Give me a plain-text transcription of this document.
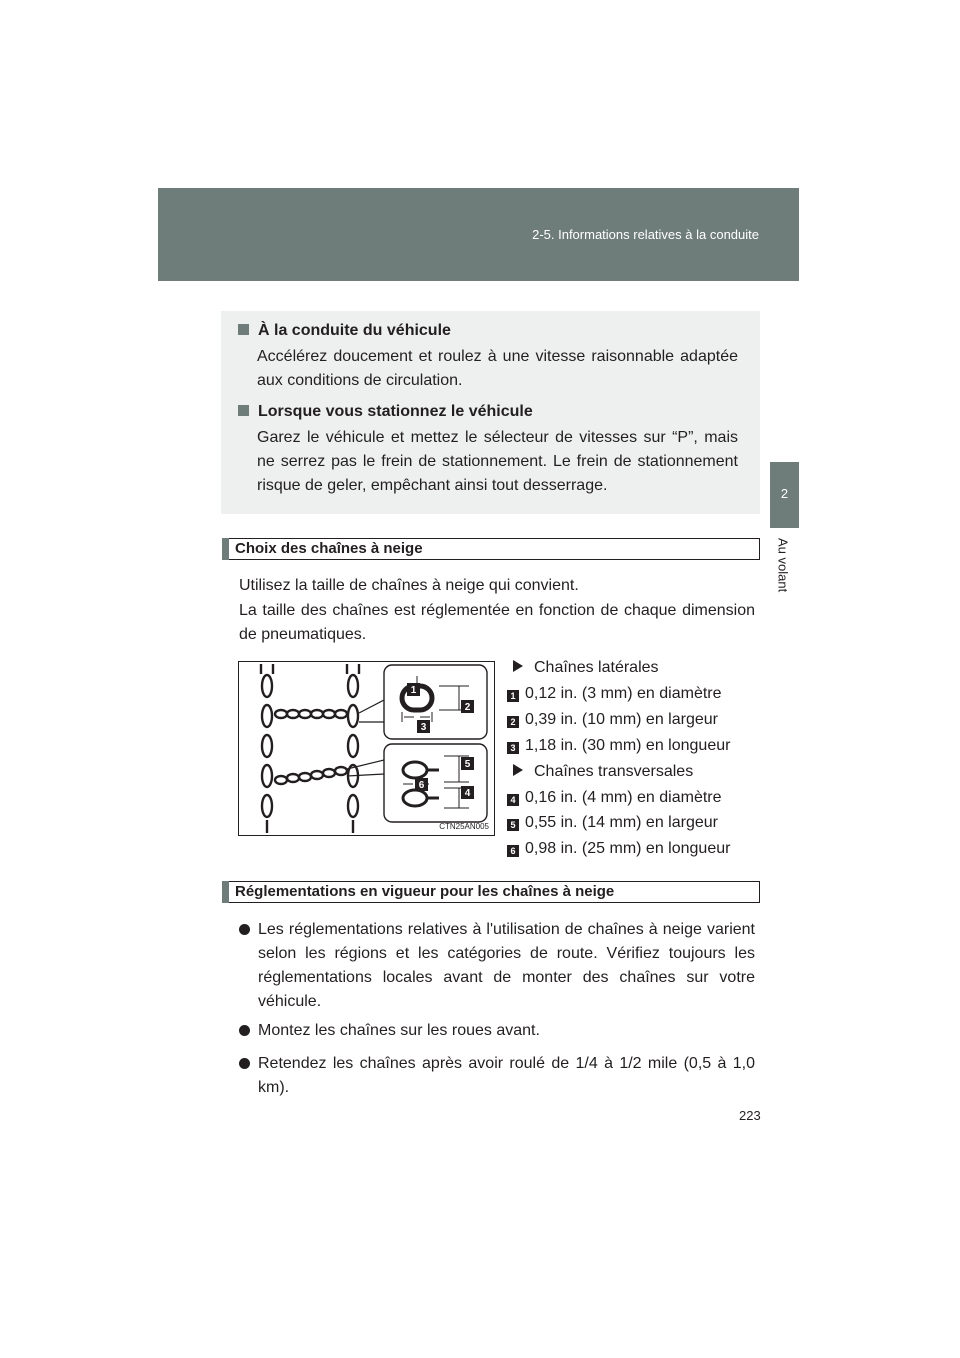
2-5. Informations relatives à la conduite
2
Au volant
À la conduite du véhicule
Accélérez doucement et roulez à une vitesse raisonnable adaptée aux conditions de circulation.
Lorsque vous stationnez le véhicule
Garez le véhicule et mettez le sélecteur de vitesses sur “P”, mais ne serrez pas le frein de stationnement. Le frein de stationnement risque de geler, empêchant ainsi tout desserrage.
Choix des chaînes à neige
Utilisez la taille de chaînes à neige qui convient.
La taille des chaînes est réglementée en fonction de chaque dimension de pneumatiques.
1
2
3
5
6
4
CTN25AN005
Chaînes latérales
1 0,12 in. (3 mm) en diamètre
2 0,39 in. (10 mm) en largeur
3 1,18 in. (30 mm) en longueur
Chaînes transversales
4 0,16 in. (4 mm) en diamètre
5 0,55 in. (14 mm) en largeur
6 0,98 in. (25 mm) en longueur
Réglementations en vigueur pour les chaînes à neige
Les réglementations relatives à l'utilisation de chaînes à neige varient selon les régions et les catégories de route. Vérifiez toujours les réglementations locales avant de monter des chaînes sur votre véhicule.
Montez les chaînes sur les roues avant.
Retendez les chaînes après avoir roulé de 1/4 à 1/2 mile (0,5 à 1,0 km).
223
